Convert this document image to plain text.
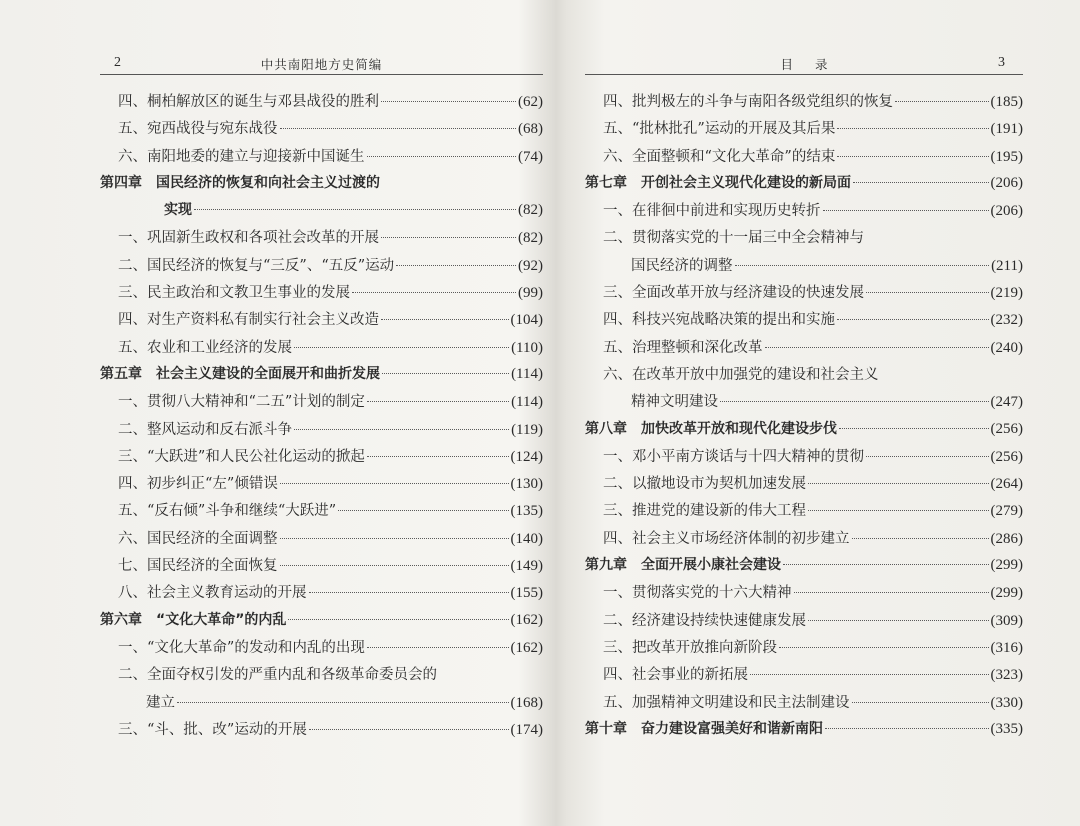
2	中共南阳地方史简编
四、桐柏解放区的诞生与邓县战役的胜利	(62)
五、宛西战役与宛东战役	(68)
六、南阳地委的建立与迎接新中国诞生	(74)
第四章　国民经济的恢复和向社会主义过渡的
实现	(82)
一、巩固新生政权和各项社会改革的开展	(82)
二、国民经济的恢复与“三反”、“五反”运动	(92)
三、民主政治和文教卫生事业的发展	(99)
四、对生产资料私有制实行社会主义改造	(104)
五、农业和工业经济的发展	(110)
第五章　社会主义建设的全面展开和曲折发展	(114)
一、贯彻八大精神和“二五”计划的制定	(114)
二、整风运动和反右派斗争	(119)
三、“大跃进”和人民公社化运动的掀起	(124)
四、初步纠正“左”倾错误	(130)
五、“反右倾”斗争和继续“大跃进”	(135)
六、国民经济的全面调整	(140)
七、国民经济的全面恢复	(149)
八、社会主义教育运动的开展	(155)
第六章　“文化大革命”的内乱	(162)
一、“文化大革命”的发动和内乱的出现	(162)
二、全面夺权引发的严重内乱和各级革命委员会的
建立	(168)
三、“斗、批、改”运动的开展	(174)
目录	3
四、批判极左的斗争与南阳各级党组织的恢复	(185)
五、“批林批孔”运动的开展及其后果	(191)
六、全面整顿和“文化大革命”的结束	(195)
第七章　开创社会主义现代化建设的新局面	(206)
一、在徘徊中前进和实现历史转折	(206)
二、贯彻落实党的十一届三中全会精神与
国民经济的调整	(211)
三、全面改革开放与经济建设的快速发展	(219)
四、科技兴宛战略决策的提出和实施	(232)
五、治理整顿和深化改革	(240)
六、在改革开放中加强党的建设和社会主义
精神文明建设	(247)
第八章　加快改革开放和现代化建设步伐	(256)
一、邓小平南方谈话与十四大精神的贯彻	(256)
二、以撤地设市为契机加速发展	(264)
三、推进党的建设新的伟大工程	(279)
四、社会主义市场经济体制的初步建立	(286)
第九章　全面开展小康社会建设	(299)
一、贯彻落实党的十六大精神	(299)
二、经济建设持续快速健康发展	(309)
三、把改革开放推向新阶段	(316)
四、社会事业的新拓展	(323)
五、加强精神文明建设和民主法制建设	(330)
第十章　奋力建设富强美好和谐新南阳	(335)
